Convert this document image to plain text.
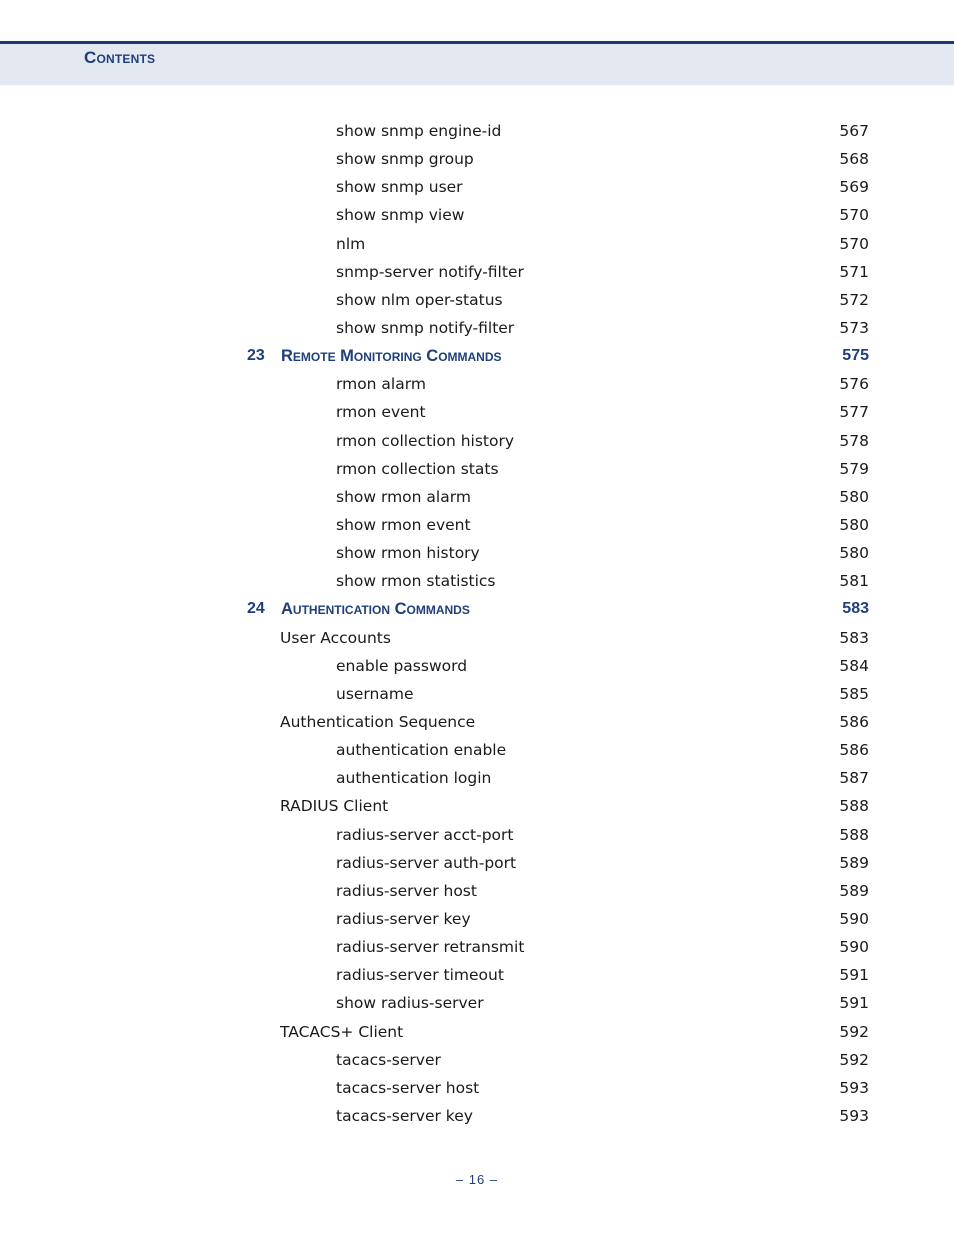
Contents
show snmp engine-id	567
show snmp group	568
show snmp user	569
show snmp view	570
nlm	570
snmp-server notify-filter	571
show nlm oper-status	572
show snmp notify-filter	573
23 Remote Monitoring Commands	575
rmon alarm	576
rmon event	577
rmon collection history	578
rmon collection stats	579
show rmon alarm	580
show rmon event	580
show rmon history	580
show rmon statistics	581
24 Authentication Commands	583
User Accounts	583
enable password	584
username	585
Authentication Sequence	586
authentication enable	586
authentication login	587
RADIUS Client	588
radius-server acct-port	588
radius-server auth-port	589
radius-server host	589
radius-server key	590
radius-server retransmit	590
radius-server timeout	591
show radius-server	591
TACACS+ Client	592
tacacs-server	592
tacacs-server host	593
tacacs-server key	593
– 16 –
